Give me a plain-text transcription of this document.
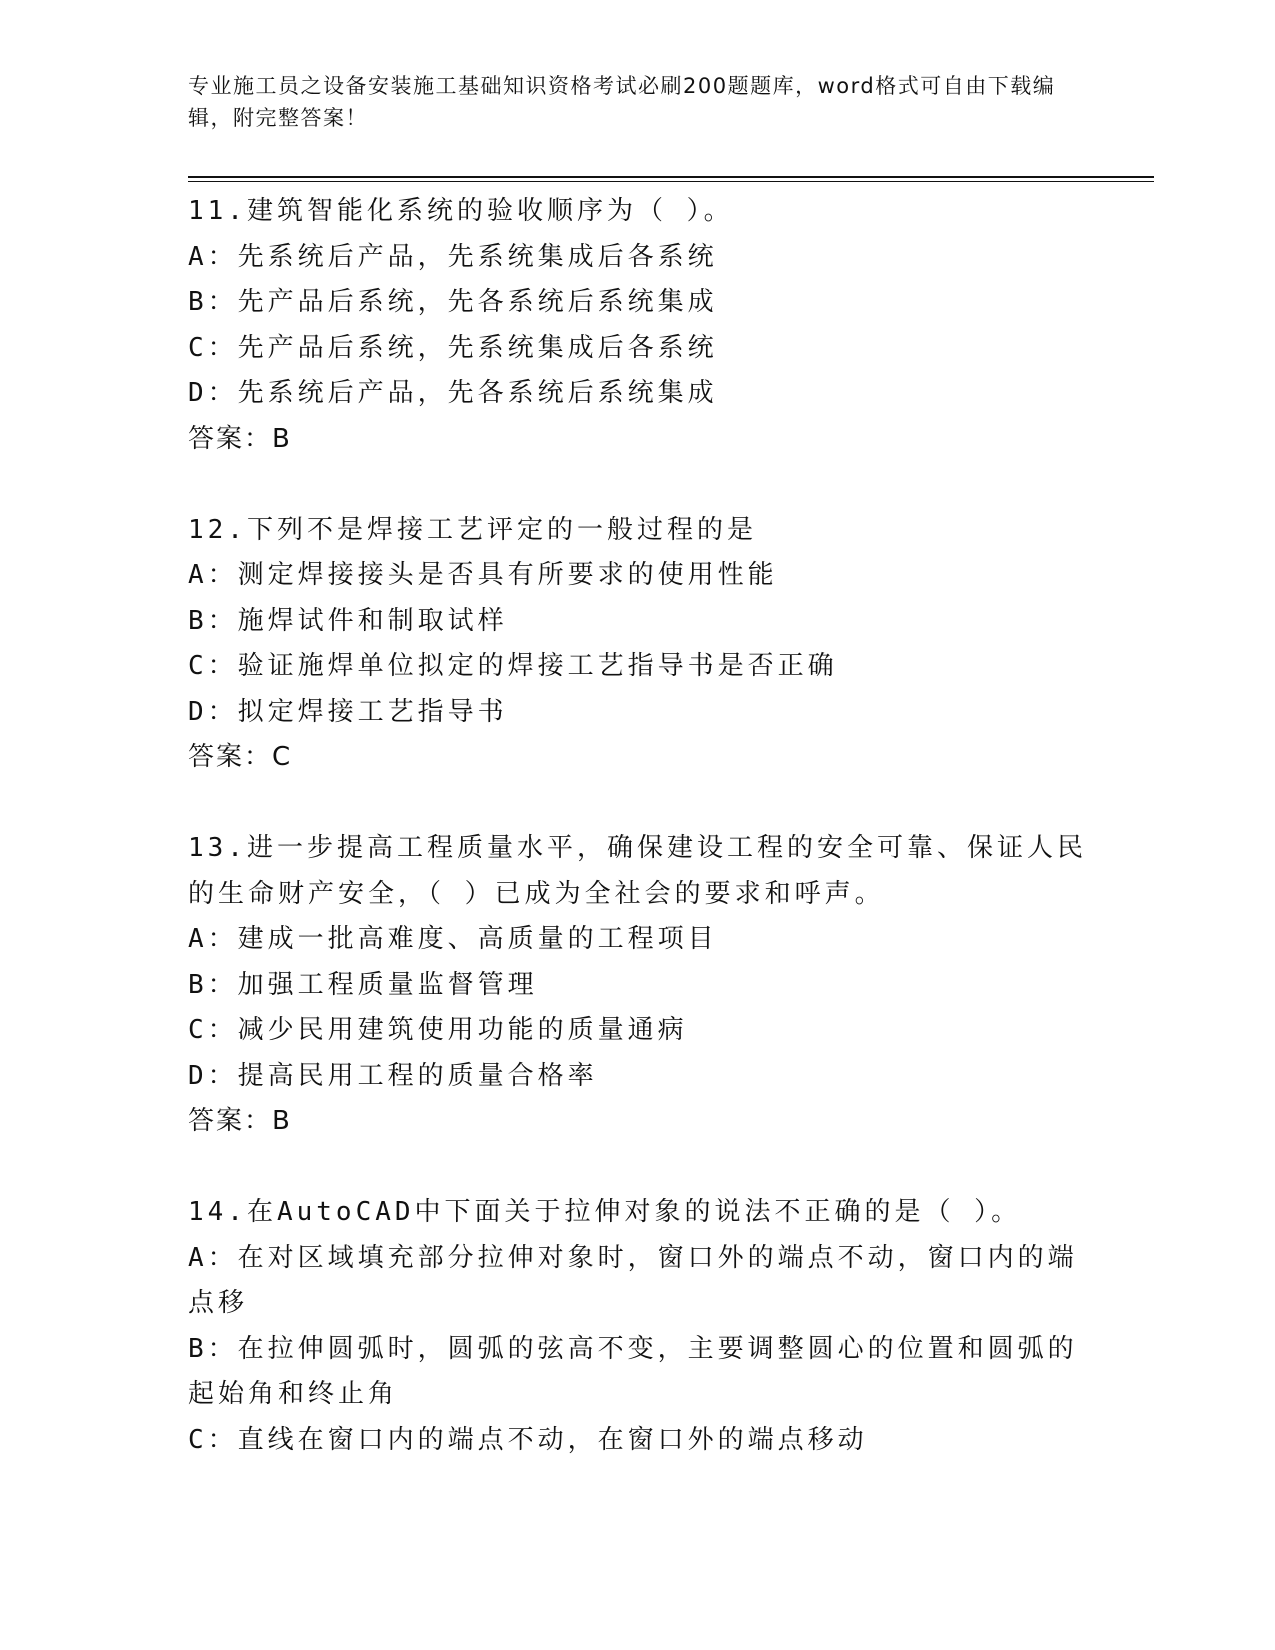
专业施工员之设备安装施工基础知识资格考试必刷200题题库，word格式可自由下载编辑，附完整答案！
11.建筑智能化系统的验收顺序为（ ）。
A：先系统后产品，先系统集成后各系统
B：先产品后系统，先各系统后系统集成
C：先产品后系统，先系统集成后各系统
D：先系统后产品，先各系统后系统集成
答案：B
12.下列不是焊接工艺评定的一般过程的是
A：测定焊接接头是否具有所要求的使用性能
B：施焊试件和制取试样
C：验证施焊单位拟定的焊接工艺指导书是否正确
D：拟定焊接工艺指导书
答案：C
13.进一步提高工程质量水平，确保建设工程的安全可靠、保证人民的生命财产安全，（ ）已成为全社会的要求和呼声。
A：建成一批高难度、高质量的工程项目
B：加强工程质量监督管理
C：减少民用建筑使用功能的质量通病
D：提高民用工程的质量合格率
答案：B
14.在AutoCAD中下面关于拉伸对象的说法不正确的是（ ）。
A：在对区域填充部分拉伸对象时，窗口外的端点不动，窗口内的端点移
B：在拉伸圆弧时，圆弧的弦高不变，主要调整圆心的位置和圆弧的起始角和终止角
C：直线在窗口内的端点不动，在窗口外的端点移动
